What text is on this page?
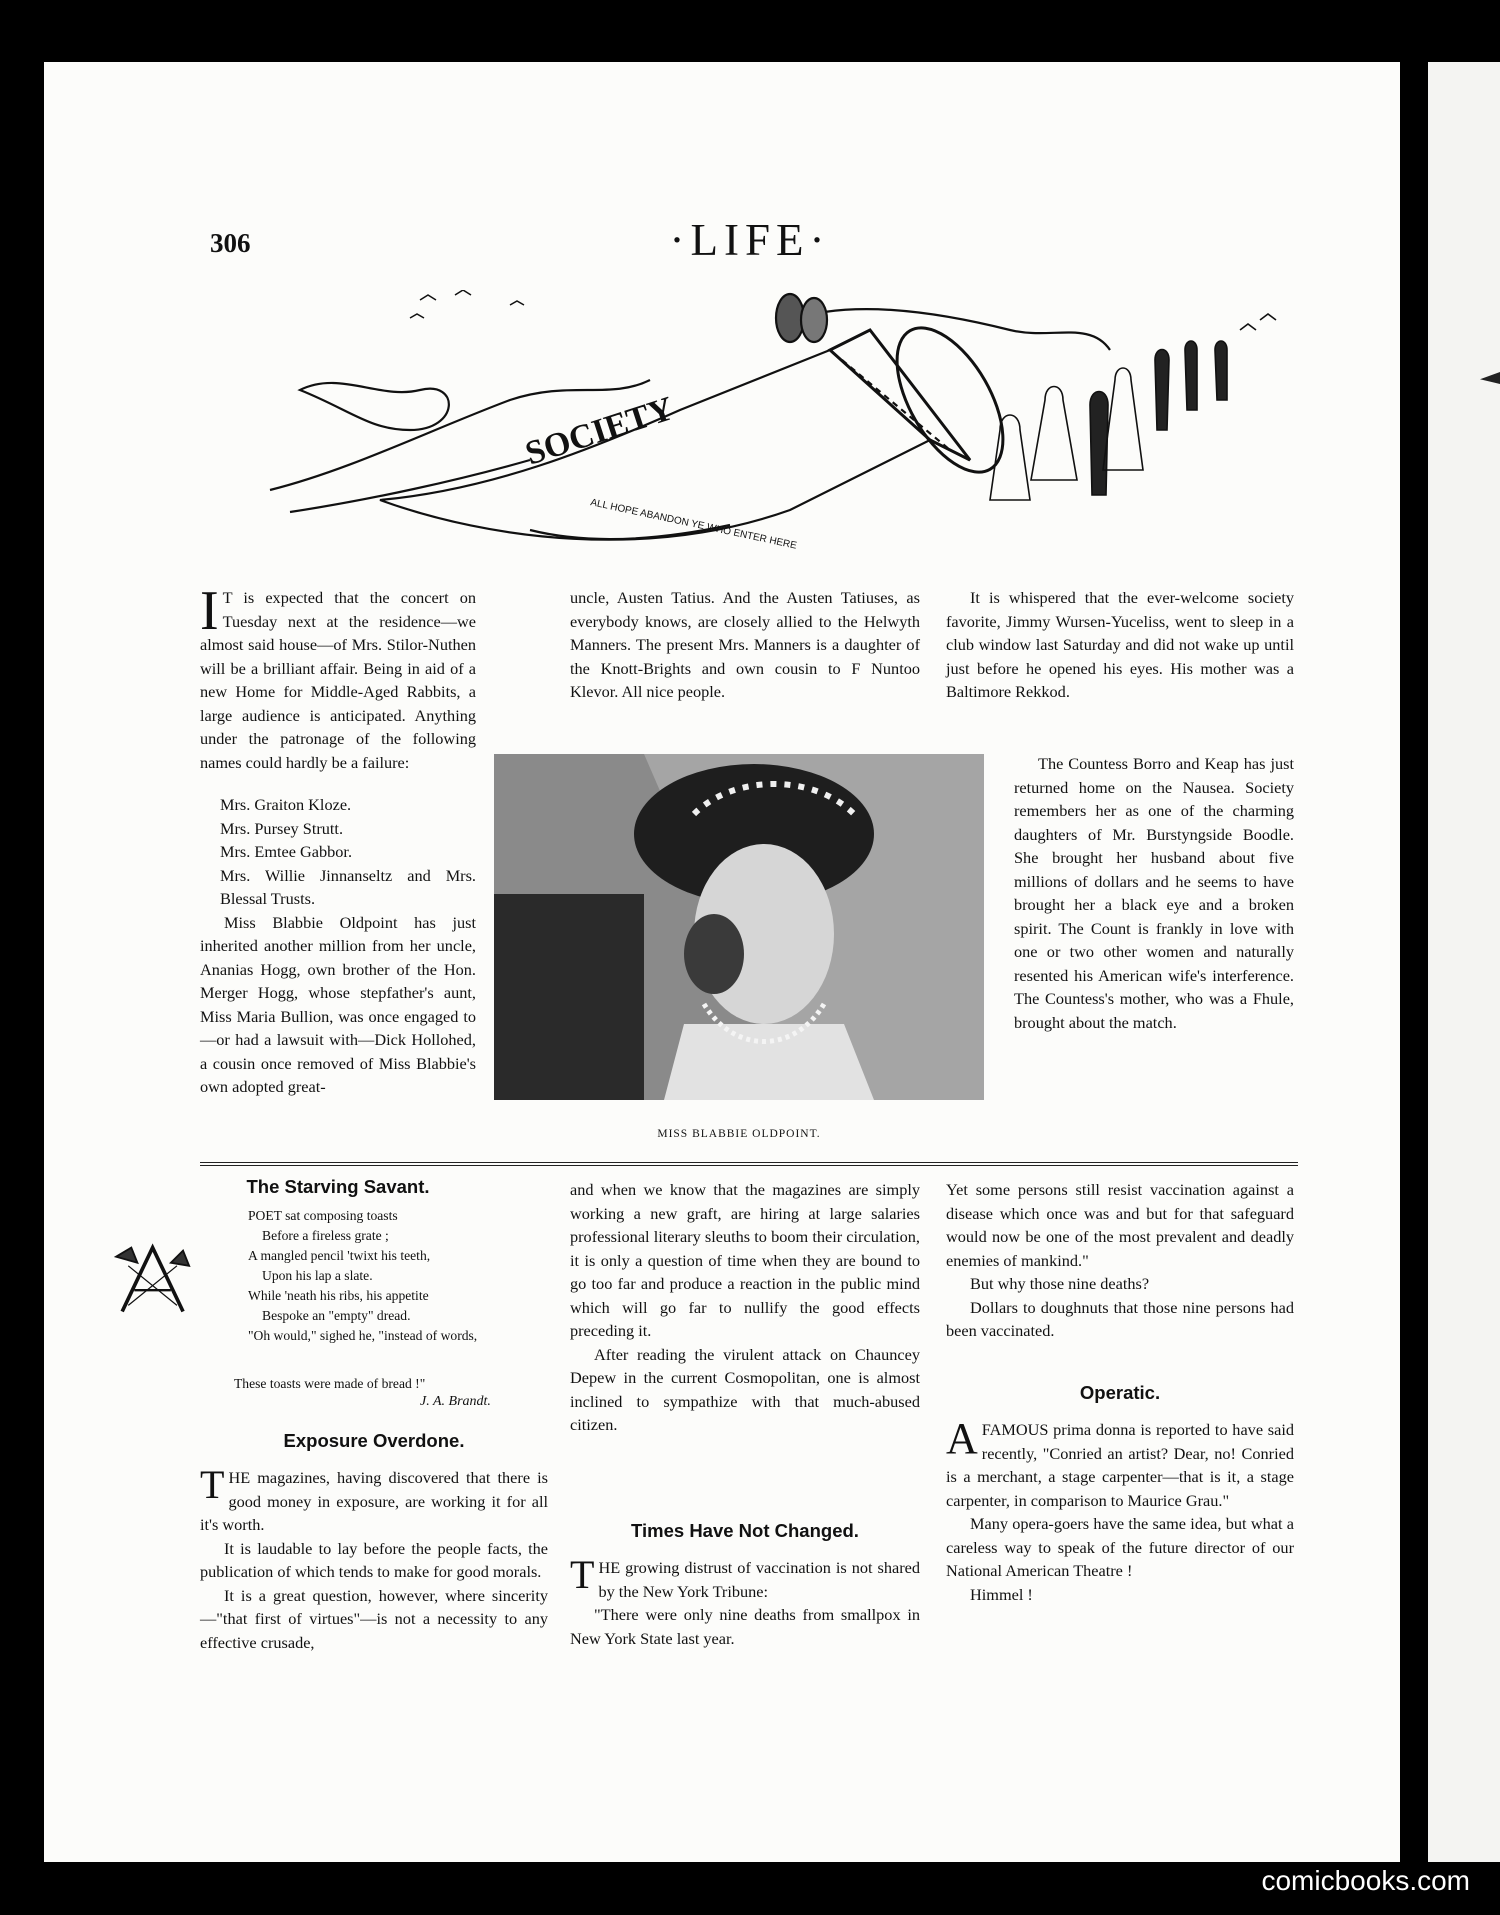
306	·LIFE·
SOCIETY
ALL HOPE ABANDON YE WHO ENTER HERE

I T is expected that the concert on Tuesday next at the residence—we almost said house—of Mrs. Stilor-Nuthen will be a brilliant affair. Being in aid of a new Home for Middle-Aged Rabbits, a large audience is anticipated. Anything under the patronage of the following names could hardly be a failure:

Mrs. Graiton Kloze.

Mrs. Pursey Strutt.

Mrs. Emtee Gabbor.

Mrs. Willie Jinnanseltz and Mrs. Blessal Trusts.

Miss Blabbie Oldpoint has just inherited another million from her uncle, Ananias Hogg, own brother of the Hon. Merger Hogg, whose stepfather's aunt, Miss Maria Bullion, was once engaged to—or had a lawsuit with—Dick Hollohed, a cousin once removed of Miss Blabbie's own adopted great-

uncle, Austen Tatius. And the Austen Tatiuses, as everybody knows, are closely allied to the Helwyth Manners. The present Mrs. Manners is a daughter of the Knott-Brights and own cousin to F Nuntoo Klevor. All nice people.

It is whispered that the ever-welcome society favorite, Jimmy Wursen-Yuceliss, went to sleep in a club window last Saturday and did not wake up until just before he opened his eyes. His mother was a Baltimore Rekkod.

The Countess Borro and Keap has just returned home on the Nausea. Society remembers her as one of the charming daughters of Mr. Burstyngside Boodle. She brought her husband about five millions of dollars and he seems to have brought her a black eye and a broken spirit. The Count is frankly in love with one or two other women and naturally resented his American wife's interference. The Countess's mother, who was a Fhule, brought about the match.

MISS BLABBIE OLDPOINT.
The Starving Savant.

POET sat composing toasts

Before a fireless grate ;

A mangled pencil 'twixt his teeth,

Upon his lap a slate.

While 'neath his ribs, his appetite

Bespoke an "empty" dread.

"Oh would," sighed he, "instead of words,

These toasts were made of bread !"

J. A. Brandt.
Exposure Overdone.

THE magazines, having discovered that there is good money in exposure, are working it for all it's worth.

It is laudable to lay before the people facts, the publication of which tends to make for good morals.

It is a great question, however, where sincerity—"that first of virtues"—is not a necessity to any effective crusade,

and when we know that the magazines are simply working a new graft, are hiring at large salaries professional literary sleuths to boom their circulation, it is only a question of time when they are bound to go too far and produce a reaction in the public mind which will go far to nullify the good effects preceding it.

After reading the virulent attack on Chauncey Depew in the current Cosmopolitan, one is almost inclined to sympathize with that much-abused citizen.

Times Have Not Changed.

THE growing distrust of vaccination is not shared by the New York Tribune:

"There were only nine deaths from smallpox in New York State last year.

Yet some persons still resist vaccination against a disease which once was and but for that safeguard would now be one of the most prevalent and deadly enemies of mankind."

But why those nine deaths?

Dollars to doughnuts that those nine persons had been vaccinated.

Operatic.

A FAMOUS prima donna is reported to have said recently, "Conried an artist? Dear, no! Conried is a merchant, a stage carpenter—that is it, a stage carpenter, in comparison to Maurice Grau."

Many opera-goers have the same idea, but what a careless way to speak of the future director of our National American Theatre !

Himmel !

comicbooks.com
